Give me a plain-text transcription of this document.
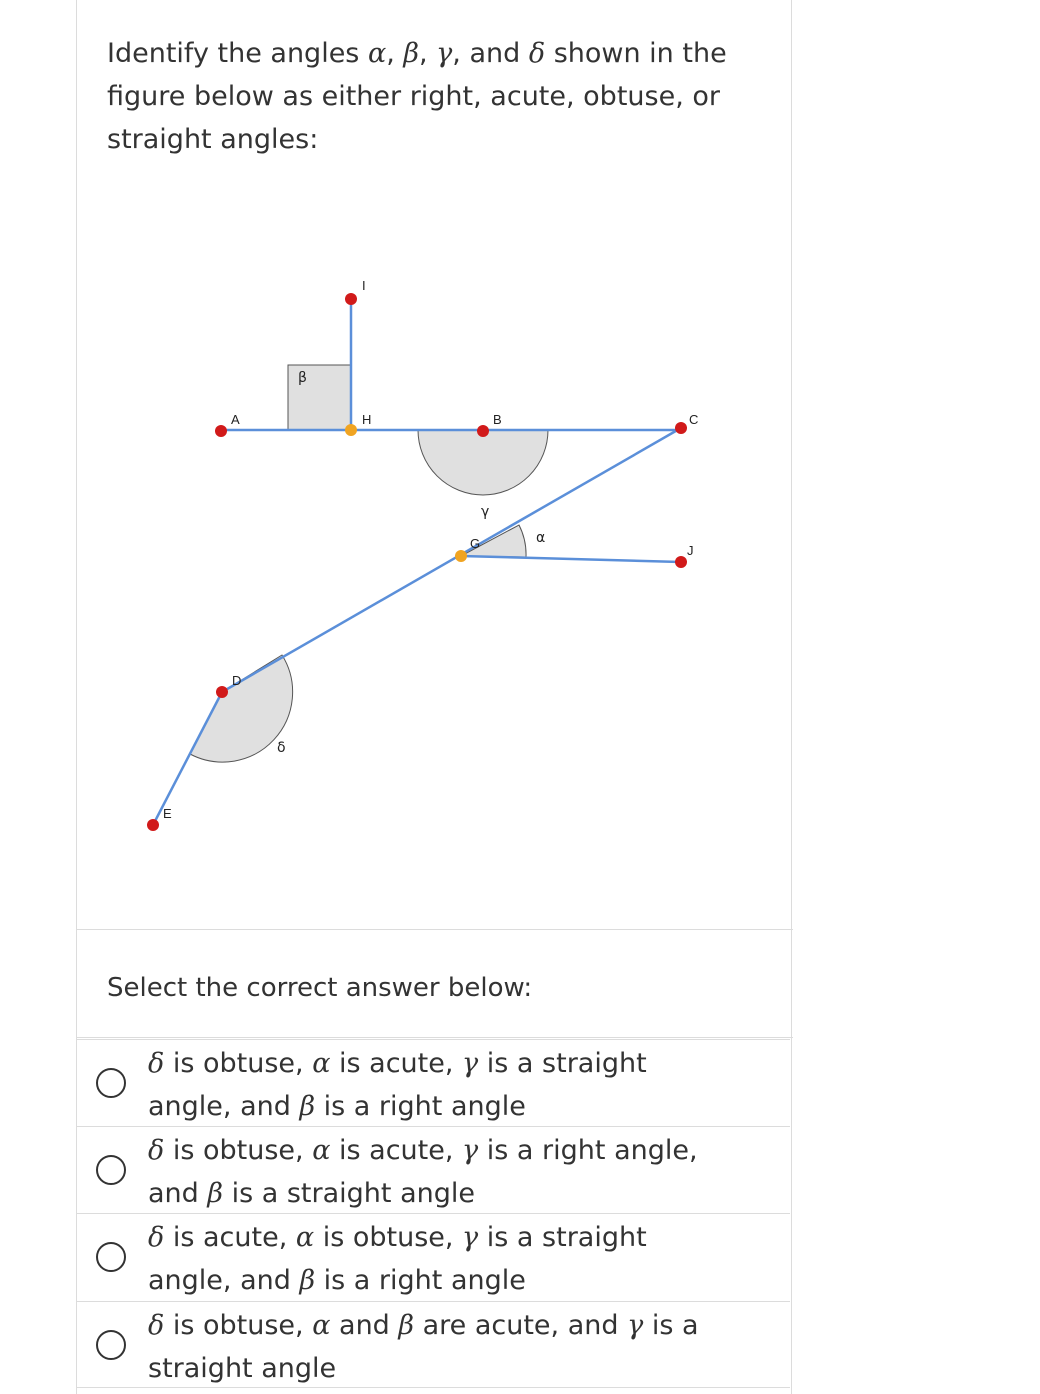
Identify the angles α, β, γ, and δ shown in the figure below as either right, acute, obtuse, or straight angles:
Select the correct answer below:
A
I
H	B	C
G	J
D
E
β
γ
α
δ
δ is obtuse, α is acute, γ is a straight angle, and β is a right angle
δ is obtuse, α is acute, γ is a right angle, and β is a straight angle
δ is acute, α is obtuse, γ is a straight angle, and β is a right angle
δ is obtuse, α and β are acute, and γ is a straight angle
